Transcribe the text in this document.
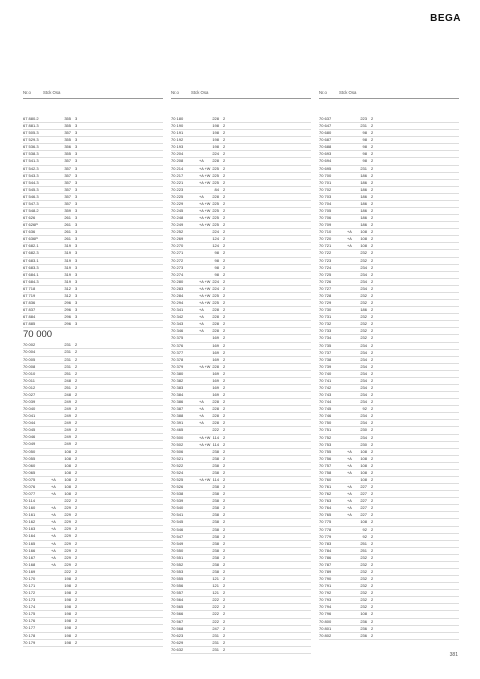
BEGA
Nr.o	Stck Osa
67 880.2	355 3
67 881.3	355 3
67 505.3	357 3
67 529.3	355 3
67 536.3	356 3
67 538.3	355 3
67 541.3	357 3
67 542.3	357 3
67 543.3	357 3
67 544.3	357 3
67 545.3	357 3
67 546.3	357 3
67 547.3	357 3
67 548.2	359 3
67 626	261 3
67 626P	261 3
67 636	261 3
67 636P	261 3
67 682.1	319 3
67 682.3	319 3
67 683.1	319 3
67 683.3	319 3
67 684.1	319 3
67 684.3	319 3
67 718	312 3
67 719	312 3
67 836	296 3
67 837	296 3
67 884	296 3
67 885	296 3
70 000
70 002	231 2
70 004	231 2
70 005	231 2
70 008	231 2
70 010	251 2
70 011	248 2
70 012	251 2
70 027	248 2
70 039	249 2
70 040	249 2
70 041	249 2
70 044	249 2
70 045	249 2
70 046	249 2
70 049	249 2
70 050	108 2
70 055	108 2
70 060	108 2
70 065	108 2
70 075	+A	108 2
70 076	+A	108 2
70 077	+A	108 2
70 114	222 2
70 160	+A	229 2
70 161	+A	229 2
70 162	+A	229 2
70 163	+A	229 2
70 164	+A	229 2
70 165	+A	229 2
70 166	+A	229 2
70 167	+A	229 2
70 168	+A	229 2
70 169	222 2
70 170	198 2
70 171	198 2
70 172	198 2
70 173	198 2
70 174	198 2
70 175	198 2
70 176	198 2
70 177	198 2
70 178	198 2
70 179	198 2
Nr.o	Stck Osa
70 180	228 2
70 190	198 2
70 191	198 2
70 192	198 2
70 193	198 2
70 204	224 2
70 208	+A	228 2
70 214	+A +W 225 2
70 217	+A +W 225 2
70 221	+A +W 225 2
70 223	84 2
70 225	+A	228 2
70 229	+A +W 225 2
70 245	+A +W 225 2
70 248	+A +W 225 2
70 249	+A +W 225 2
70 252	224 2
70 269	124 2
70 270	124 2
70 271	98 2
70 272	98 2
70 273	98 2
70 274	98 2
70 280	+A +W 224 2
70 283	+A +W 224 2
70 284	+A +W 225 2
70 294	+A +W 225 2
70 341	+A	228 2
70 342	+A	228 2
70 343	+A	228 2
70 346	+A	228 2
70 375	169 2
70 376	169 2
70 377	169 2
70 378	169 2
70 379	+A +W 228 2
70 380	169 2
70 382	169 2
70 383	169 2
70 384	169 2
70 386	+A	228 2
70 387	+A	228 2
70 388	+A	228 2
70 391	+A	228 2
70 465	222 2
70 500	+A +W 114 2
70 502	+A +W 114 2
70 506	238 2
70 521	238 2
70 522	238 2
70 524	238 2
70 525	+A +W 114 2
70 526	238 2
70 538	238 2
70 539	238 2
70 540	238 2
70 541	238 2
70 545	238 2
70 546	238 2
70 547	238 2
70 549	238 2
70 550	238 2
70 551	238 2
70 552	238 2
70 553	238 2
70 555	121 2
70 556	121 2
70 557	121 2
70 564	222 2
70 565	222 2
70 566	222 2
70 567	222 2
70 568	247 2
70 623	231 2
70 629	231 2
70 632	231 2
Nr.o	Stck Osa
70 637	223 2
70 647	231 2
70 680	98 2
70 687	98 2
70 688	98 2
70 693	98 2
70 694	98 2
70 695	231 2
70 700	186 2
70 701	186 2
70 702	186 2
70 703	186 2
70 704	186 2
70 705	186 2
70 706	186 2
70 709	186 2
70 710	+A	108 2
70 720	+A	108 2
70 721	+A	108 2
70 722	232 2
70 723	232 2
70 724	234 2
70 725	234 2
70 726	234 2
70 727	234 2
70 728	232 2
70 729	232 2
70 730	186 2
70 731	232 2
70 732	232 2
70 733	232 2
70 734	232 2
70 735	234 2
70 737	234 2
70 738	234 2
70 739	234 2
70 740	234 2
70 741	234 2
70 742	234 2
70 743	234 2
70 744	234 2
70 745	92 2
70 746	234 2
70 750	234 2
70 751	230 2
70 752	234 2
70 753	230 2
70 755	+A	108 2
70 756	+A	108 2
70 757	+A	108 2
70 758	+A	108 2
70 760	108 2
70 761	+A	227 2
70 762	+A	227 2
70 763	+A	227 2
70 764	+A	227 2
70 765	+A	227 2
70 775	108 2
70 778	92 2
70 779	92 2
70 783	251 2
70 784	251 2
70 786	232 2
70 787	232 2
70 789	232 2
70 790	232 2
70 791	232 2
70 792	232 2
70 793	232 2
70 794	232 2
70 796	108 2
70 800	236 2
70 801	236 2
70 802	236 2
381
